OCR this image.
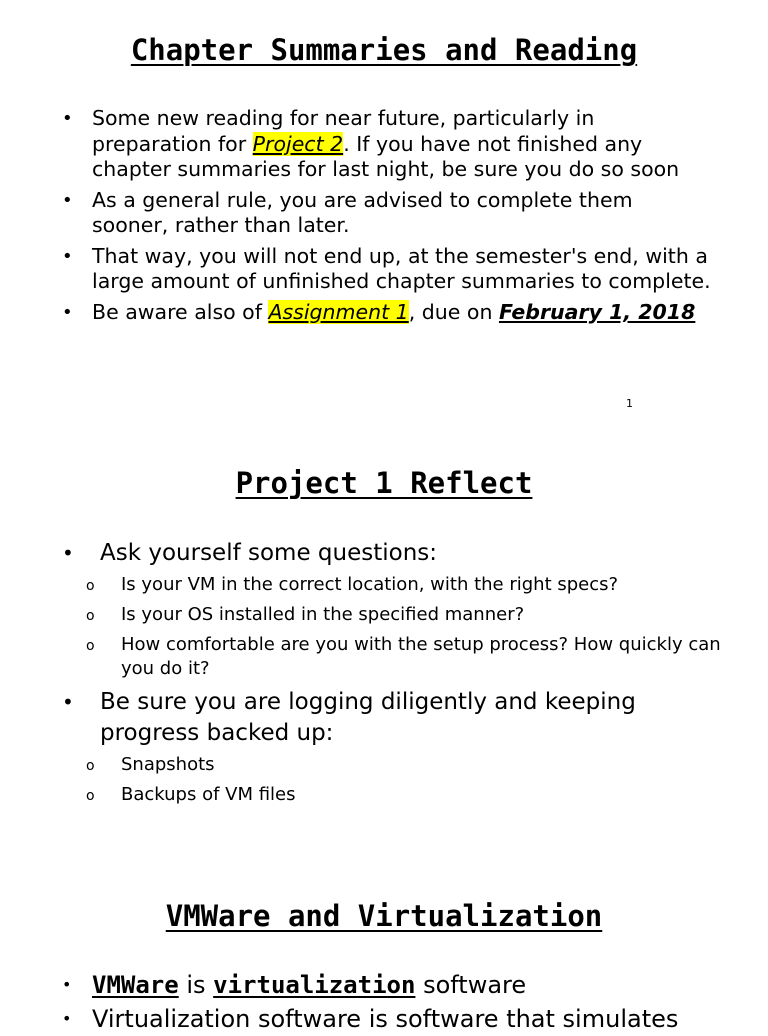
Chapter Summaries and Reading
• Some new reading for near future, particularly in preparation for Project 2. If you have not finished any chapter summaries for last night, be sure you do so soon
• As a general rule, you are advised to complete them sooner, rather than later.
• That way, you will not end up, at the semester's end, with a large amount of unfinished chapter summaries to complete.
• Be aware also of Assignment 1, due on February 1, 2018
1
Project 1 Reflect
• Ask yourself some questions:
o Is your VM in the correct location, with the right specs?
o Is your OS installed in the specified manner?
o How comfortable are you with the setup process? How quickly can you do it?
• Be sure you are logging diligently and keeping progress backed up:
o Snapshots
o Backups of VM files
VMWare and Virtualization
• VMWare is virtualization software
• Virtualization software is software that simulates
